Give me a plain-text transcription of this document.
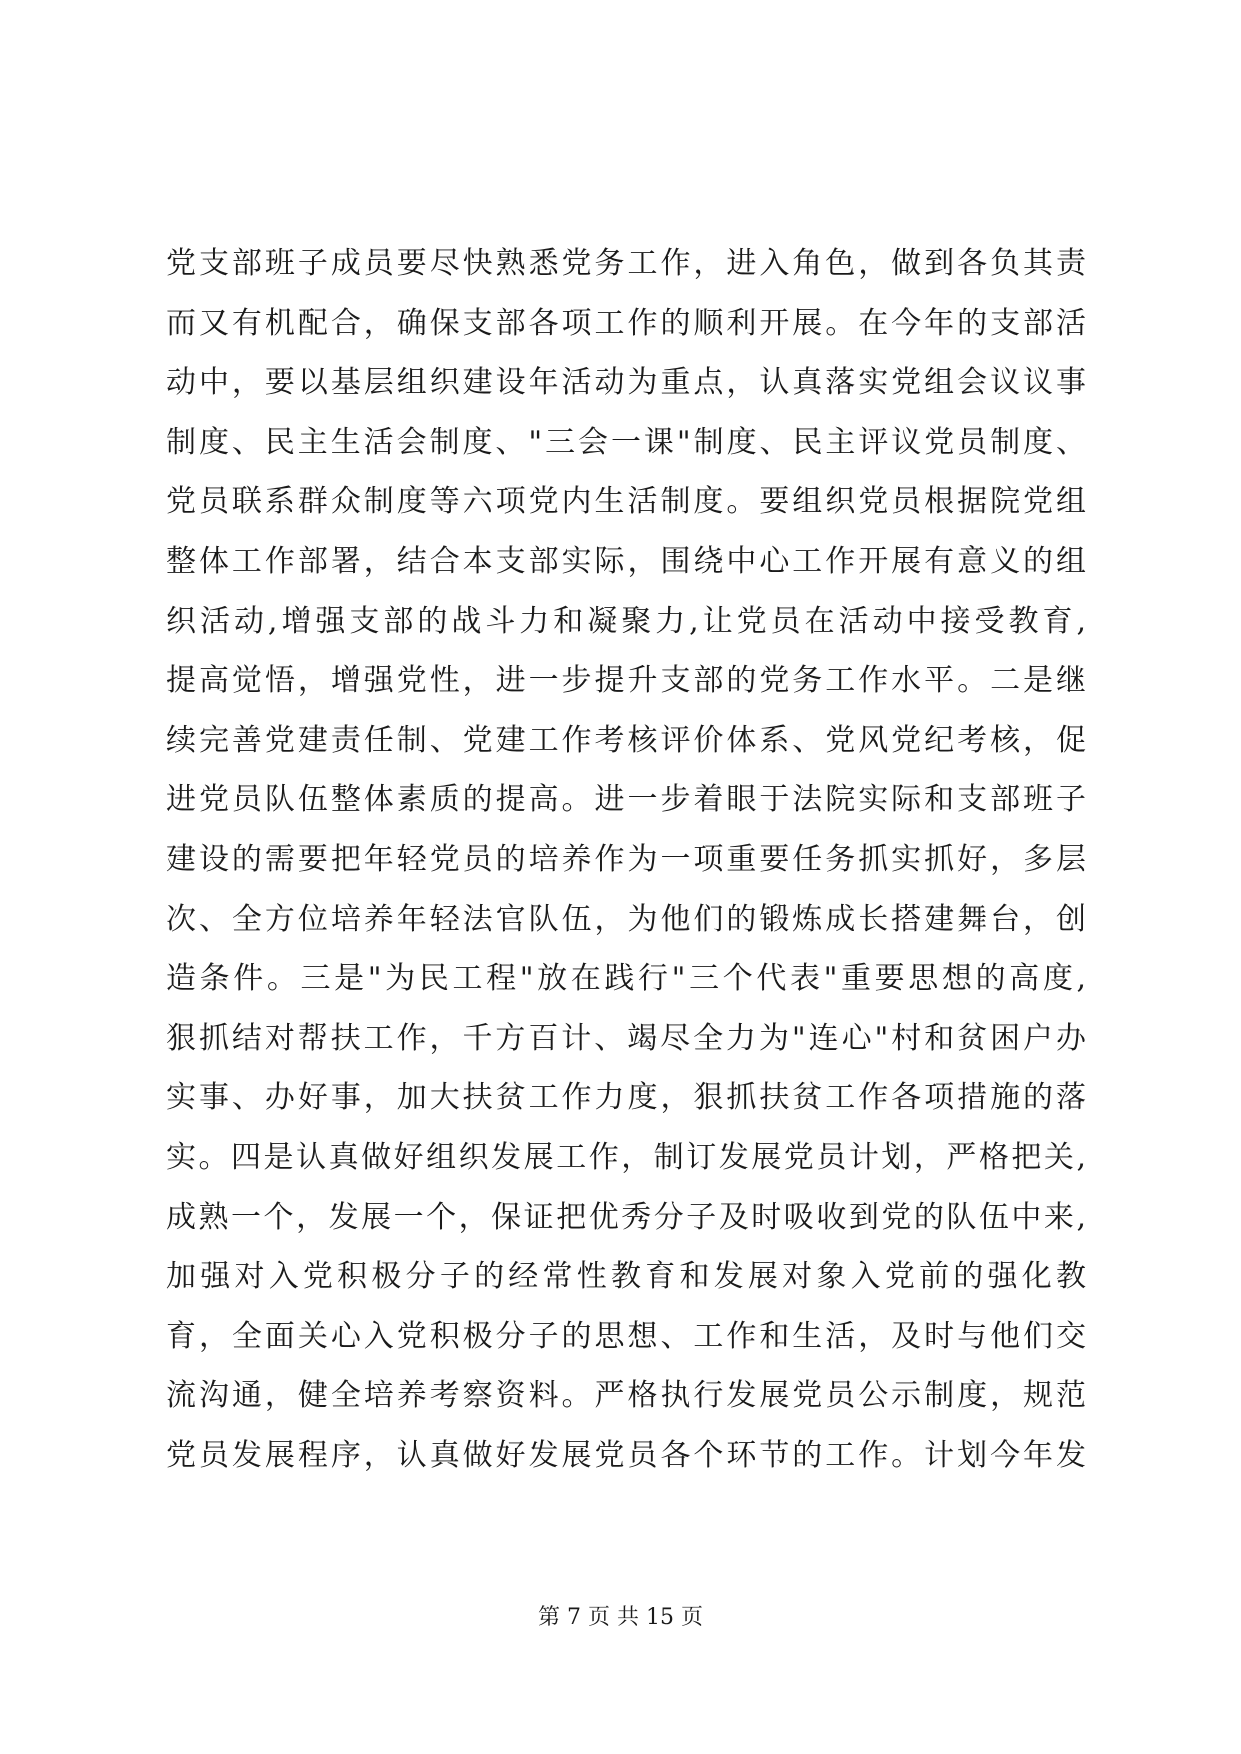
党支部班子成员要尽快熟悉党务工作，进入角色，做到各负其责
而又有机配合，确保支部各项工作的顺利开展。在今年的支部活
动中，要以基层组织建设年活动为重点，认真落实党组会议议事
制度、民主生活会制度、"三会一课"制度、民主评议党员制度、
党员联系群众制度等六项党内生活制度。要组织党员根据院党组
整体工作部署，结合本支部实际，围绕中心工作开展有意义的组
织活动,增强支部的战斗力和凝聚力,让党员在活动中接受教育,
提高觉悟，增强党性，进一步提升支部的党务工作水平。二是继
续完善党建责任制、党建工作考核评价体系、党风党纪考核，促
进党员队伍整体素质的提高。进一步着眼于法院实际和支部班子
建设的需要把年轻党员的培养作为一项重要任务抓实抓好，多层
次、全方位培养年轻法官队伍，为他们的锻炼成长搭建舞台，创
造条件。三是"为民工程"放在践行"三个代表"重要思想的高度,
狠抓结对帮扶工作，千方百计、竭尽全力为"连心"村和贫困户办
实事、办好事，加大扶贫工作力度，狠抓扶贫工作各项措施的落
实。四是认真做好组织发展工作，制订发展党员计划，严格把关,
成熟一个，发展一个，保证把优秀分子及时吸收到党的队伍中来,
加强对入党积极分子的经常性教育和发展对象入党前的强化教
育，全面关心入党积极分子的思想、工作和生活，及时与他们交
流沟通，健全培养考察资料。严格执行发展党员公示制度，规范
党员发展程序，认真做好发展党员各个环节的工作。计划今年发
第 7 页 共 15 页
